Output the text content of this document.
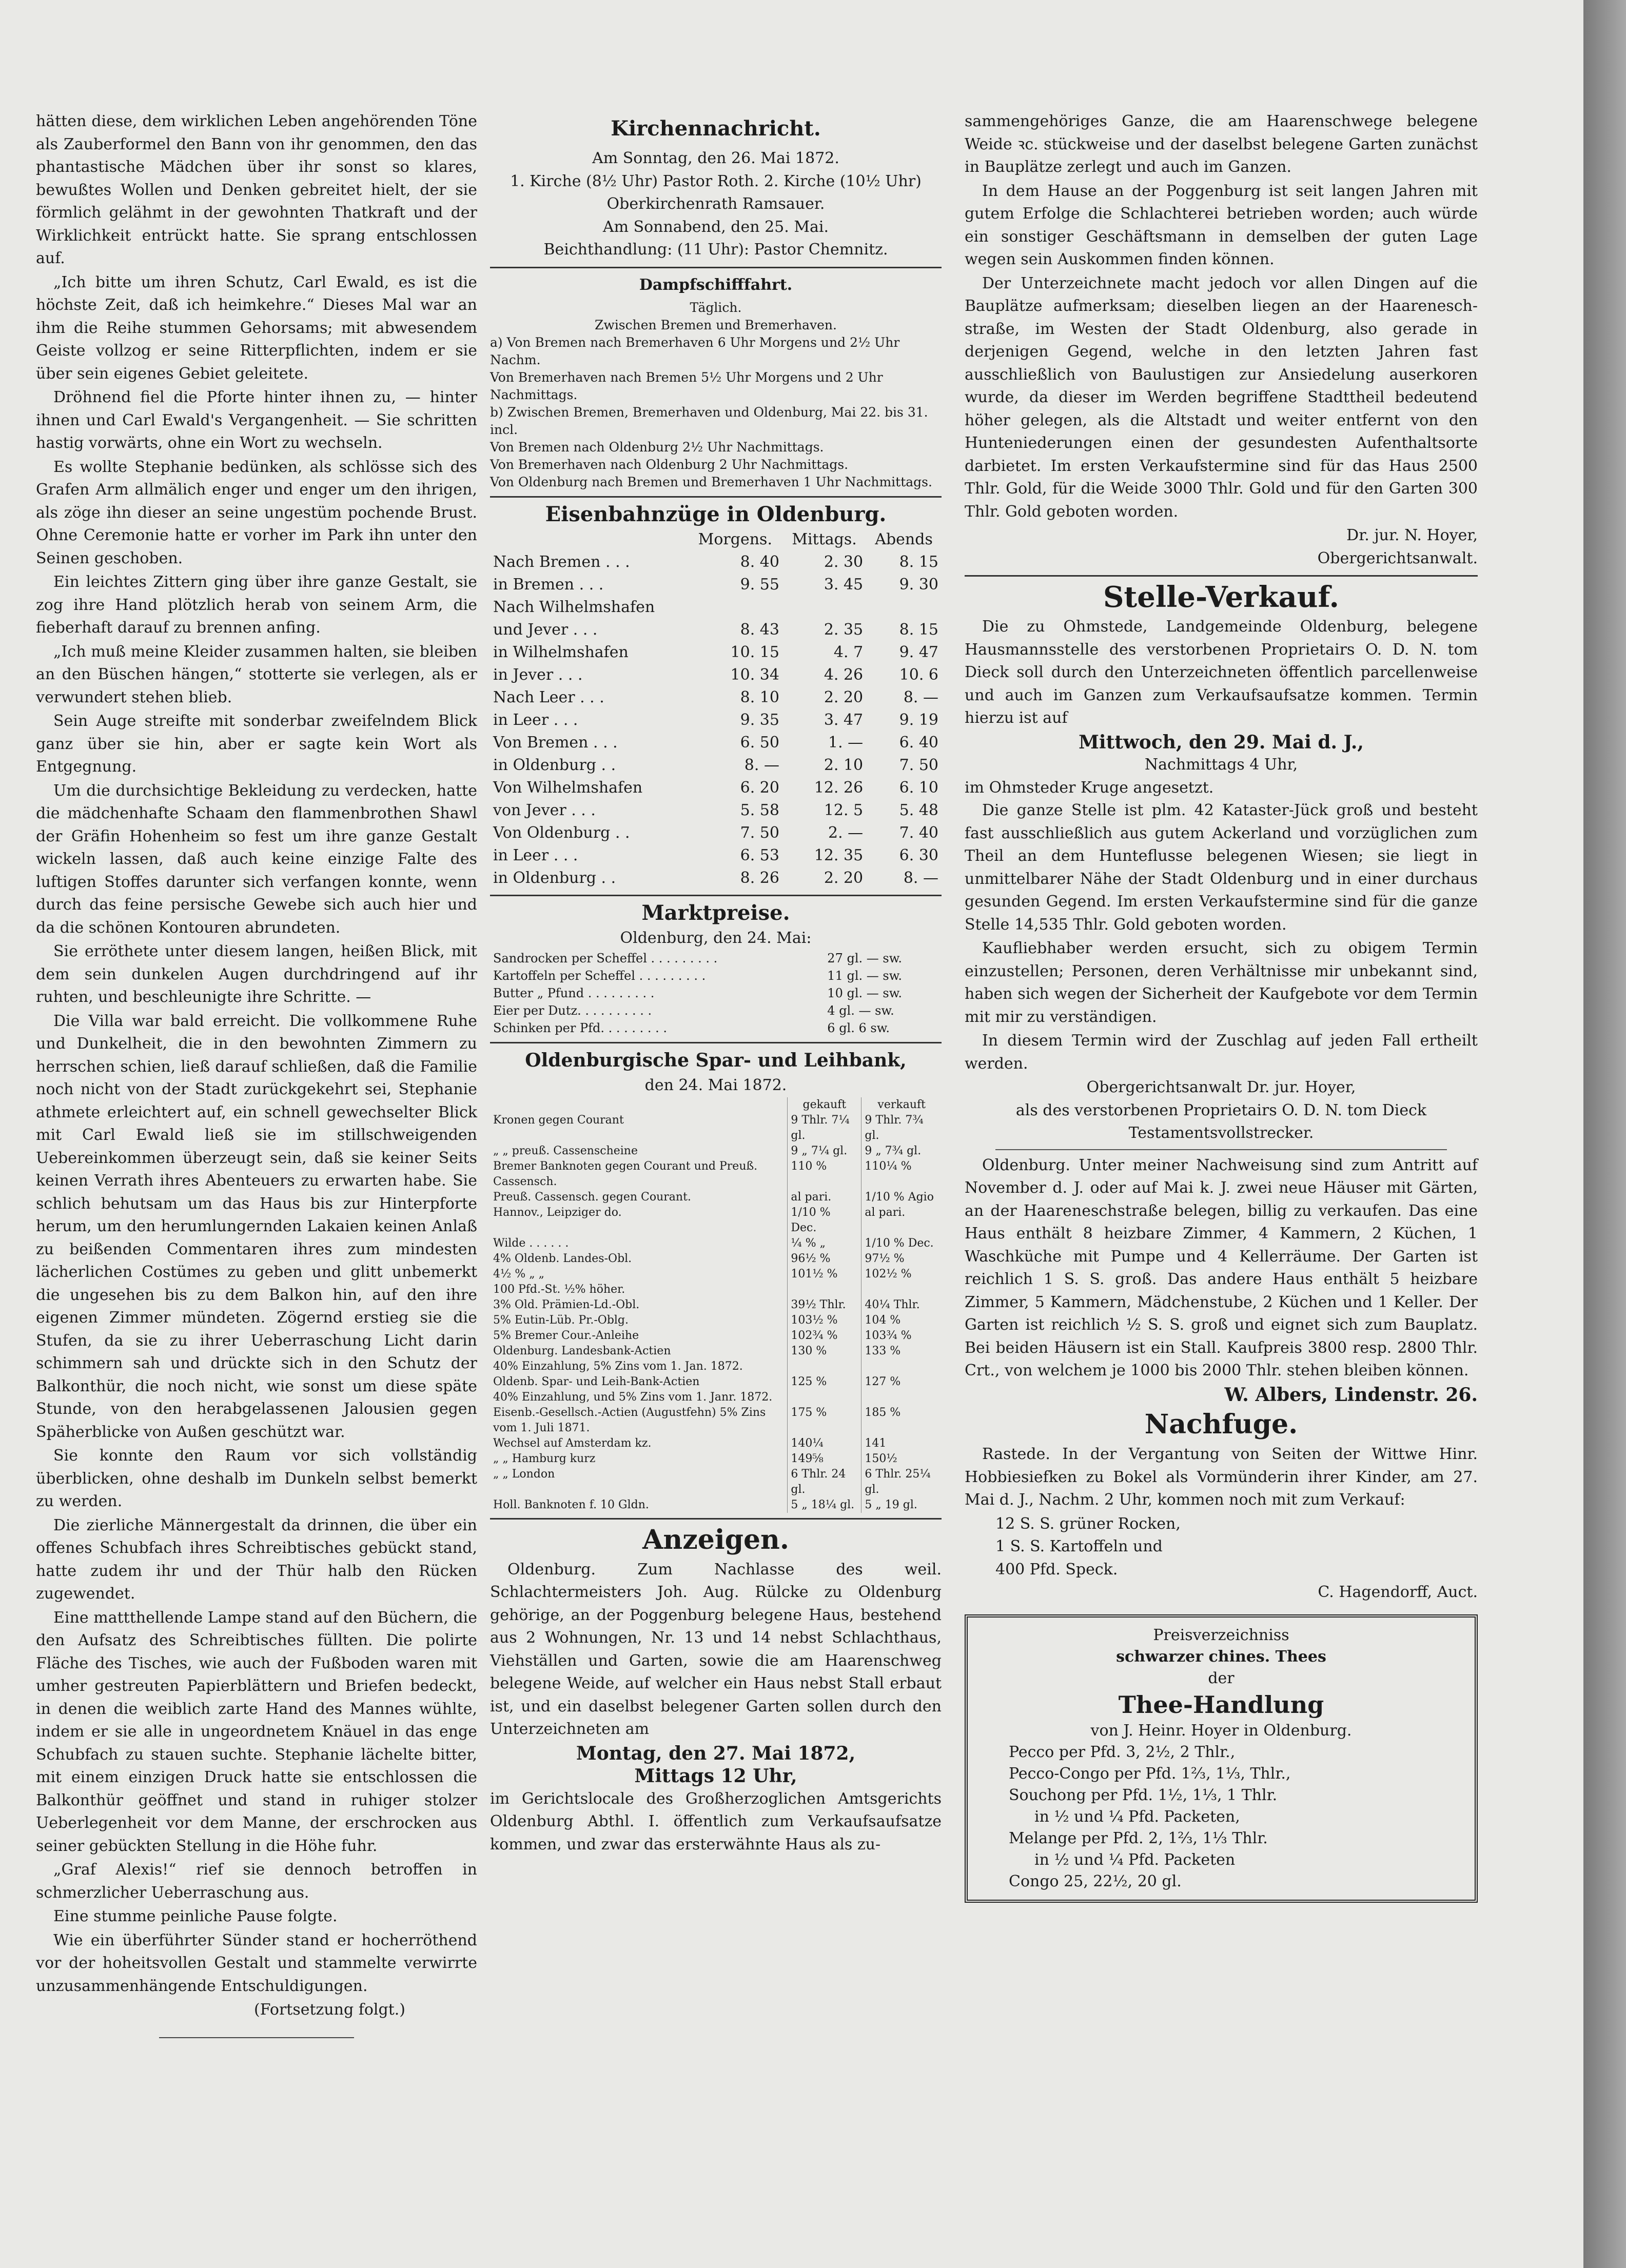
hätten diese, dem wirklichen Leben angehörenden Töne als Zauberformel den Bann von ihr genommen, den das phantastische Mädchen über ihr sonst so klares, bewußtes Wollen und Denken gebreitet hielt, der sie förmlich gelähmt in der gewohnten Thatkraft und der Wirklichkeit entrückt hatte. Sie sprang entschlossen auf.

„Ich bitte um ihren Schutz, Carl Ewald, es ist die höchste Zeit, daß ich heimkehre.“ Dieses Mal war an ihm die Reihe stummen Gehorsams; mit abwesendem Geiste vollzog er seine Ritterpflichten, indem er sie über sein eigenes Gebiet geleitete.

Dröhnend fiel die Pforte hinter ihnen zu, — hinter ihnen und Carl Ewald's Vergangenheit. — Sie schritten hastig vorwärts, ohne ein Wort zu wechseln.

Es wollte Stephanie bedünken, als schlösse sich des Grafen Arm allmälich enger und enger um den ihrigen, als zöge ihn dieser an seine ungestüm pochende Brust. Ohne Ceremonie hatte er vorher im Park ihn unter den Seinen geschoben.

Ein leichtes Zittern ging über ihre ganze Gestalt, sie zog ihre Hand plötzlich herab von seinem Arm, die fieberhaft darauf zu brennen anfing.

„Ich muß meine Kleider zusammen halten, sie bleiben an den Büschen hängen,“ stotterte sie verlegen, als er verwundert stehen blieb.

Sein Auge streifte mit sonderbar zweifelndem Blick ganz über sie hin, aber er sagte kein Wort als Entgegnung.

Um die durchsichtige Bekleidung zu verdecken, hatte die mädchenhafte Schaam den flammenbrothen Shawl der Gräfin Hohenheim so fest um ihre ganze Gestalt wickeln lassen, daß auch keine einzige Falte des luftigen Stoffes darunter sich verfangen konnte, wenn durch das feine persische Gewebe sich auch hier und da die schönen Kontouren abrundeten.

Sie erröthete unter diesem langen, heißen Blick, mit dem sein dunkelen Augen durchdringend auf ihr ruhten, und beschleunigte ihre Schritte. —

Die Villa war bald erreicht. Die vollkommene Ruhe und Dunkelheit, die in den bewohnten Zimmern zu herrschen schien, ließ darauf schließen, daß die Familie noch nicht von der Stadt zurückgekehrt sei, Stephanie athmete erleichtert auf, ein schnell gewechselter Blick mit Carl Ewald ließ sie im stillschweigenden Uebereinkommen überzeugt sein, daß sie keiner Seits keinen Verrath ihres Abenteuers zu erwarten habe. Sie schlich behutsam um das Haus bis zur Hinterpforte herum, um den herumlungernden Lakaien keinen Anlaß zu beißenden Commentaren ihres zum mindesten lächerlichen Costümes zu geben und glitt unbemerkt die ungesehen bis zu dem Balkon hin, auf den ihre eigenen Zimmer mündeten. Zögernd erstieg sie die Stufen, da sie zu ihrer Ueberraschung Licht darin schimmern sah und drückte sich in den Schutz der Balkonthür, die noch nicht, wie sonst um diese späte Stunde, von den herabgelassenen Jalousien gegen Späherblicke von Außen geschützt war.

Sie konnte den Raum vor sich vollständig überblicken, ohne deshalb im Dunkeln selbst bemerkt zu werden.

Die zierliche Männergestalt da drinnen, die über ein offenes Schubfach ihres Schreibtisches gebückt stand, hatte zudem ihr und der Thür halb den Rücken zugewendet.

Eine mattthellende Lampe stand auf den Büchern, die den Aufsatz des Schreibtisches füllten. Die polirte Fläche des Tisches, wie auch der Fußboden waren mit umher gestreuten Papierblättern und Briefen bedeckt, in denen die weiblich zarte Hand des Mannes wühlte, indem er sie alle in ungeordnetem Knäuel in das enge Schubfach zu stauen suchte. Stephanie lächelte bitter, mit einem einzigen Druck hatte sie entschlossen die Balkonthür geöffnet und stand in ruhiger stolzer Ueberlegenheit vor dem Manne, der erschrocken aus seiner gebückten Stellung in die Höhe fuhr.

„Graf Alexis!“ rief sie dennoch betroffen in schmerzlicher Ueberraschung aus.

Eine stumme peinliche Pause folgte.

Wie ein überführter Sünder stand er hocherröthend vor der hoheitsvollen Gestalt und stammelte verwirrte unzusammenhängende Entschuldigungen.

(Fortsetzung folgt.)
Kirchennachricht.
Am Sonntag, den 26. Mai 1872.
1. Kirche (8½ Uhr) Pastor Roth. 2. Kirche (10½ Uhr) Oberkirchenrath Ramsauer.
Am Sonnabend, den 25. Mai.
Beichthandlung: (11 Uhr): Pastor Chemnitz.
Dampfschifffahrt.
Täglich.
Zwischen Bremen und Bremerhaven.
a) Von Bremen nach Bremerhaven 6 Uhr Morgens und 2½ Uhr Nachm.
Von Bremerhaven nach Bremen 5½ Uhr Morgens und 2 Uhr Nachmittags.
b) Zwischen Bremen, Bremerhaven und Oldenburg, Mai 22. bis 31. incl.
Von Bremen nach Oldenburg 2½ Uhr Nachmittags.
Von Bremerhaven nach Oldenburg 2 Uhr Nachmittags.
Von Oldenburg nach Bremen und Bremerhaven 1 Uhr Nachmittags.
Eisenbahnzüge in Oldenburg.
	Morgens.	Mittags.	Abends
Nach Bremen . . .	8. 40	2. 30	8. 15
in Bremen . . .	9. 55	3. 45	9. 30
Nach Wilhelmshafen			
und Jever . . .	8. 43	2. 35	8. 15
in Wilhelmshafen	10. 15	4. 7	9. 47
in Jever . . .	10. 34	4. 26	10. 6
Nach Leer . . .	8. 10	2. 20	8. —
in Leer . . .	9. 35	3. 47	9. 19
Von Bremen . . .	6. 50	1. —	6. 40
in Oldenburg . .	8. —	2. 10	7. 50
Von Wilhelmshafen	6. 20	12. 26	6. 10
von Jever . . .	5. 58	12. 5	5. 48
Von Oldenburg . .	7. 50	2. —	7. 40
in Leer . . .	6. 53	12. 35	6. 30
in Oldenburg . .	8. 26	2. 20	8. —
Marktpreise.
Oldenburg, den 24. Mai:
Sandrocken per Scheffel . . . . . . . . .	27 gl. — sw.
Kartoffeln per Scheffel . . . . . . . . .	11 gl. — sw.
Butter „ Pfund . . . . . . . . .	10 gl. — sw.
Eier per Dutz. . . . . . . . . .	4 gl. — sw.
Schinken per Pfd. . . . . . . . .	6 gl. 6 sw.
Oldenburgische Spar- und Leihbank,
den 24. Mai 1872.
	gekauft	verkauft
Kronen gegen Courant	9 Thlr. 7¼ gl.	9 Thlr. 7¾ gl.
„ „ preuß. Cassenscheine	9 „ 7¼ gl.	9 „ 7¾ gl.
Bremer Banknoten gegen Courant und Preuß. Cassensch.	110 %	110¼ %
Preuß. Cassensch. gegen Courant.	al pari.	1/10 % Agio
Hannov., Leipziger do.	1/10 % Dec.	al pari.
Wilde . . . . . .	¼ % „	1/10 % Dec.
4% Oldenb. Landes-Obl.	96½ %	97½ %
4½ % „ „	101½ %	102½ %
100 Pfd.-St. ½% höher.		
3% Old. Prämien-Ld.-Obl.	39½ Thlr.	40¼ Thlr.
5% Eutin-Lüb. Pr.-Oblg.	103½ %	104 %
5% Bremer Cour.-Anleihe	102¾ %	103¾ %
Oldenburg. Landesbank-Actien	130 %	133 %
40% Einzahlung, 5% Zins vom 1. Jan. 1872.		
Oldenb. Spar- und Leih-Bank-Actien	125 %	127 %
40% Einzahlung, und 5% Zins vom 1. Janr. 1872.		
Eisenb.-Gesellsch.-Actien (Augustfehn) 5% Zins vom 1. Juli 1871.	175 %	185 %
Wechsel auf Amsterdam kz.	140¼	141
„ „ Hamburg kurz	149⅝	150½
„ „ London	6 Thlr. 24 gl.	6 Thlr. 25¼ gl.
Holl. Banknoten f. 10 Gldn.	5 „ 18¼ gl.	5 „ 19 gl.
Anzeigen.

Oldenburg. Zum Nachlasse des weil. Schlachtermeisters Joh. Aug. Rülcke zu Oldenburg gehörige, an der Poggenburg belegene Haus, bestehend aus 2 Wohnungen, Nr. 13 und 14 nebst Schlachthaus, Viehställen und Garten, sowie die am Haarenschweg belegene Weide, auf welcher ein Haus nebst Stall erbaut ist, und ein daselbst belegener Garten sollen durch den Unterzeichneten am

Montag, den 27. Mai 1872,
Mittags 12 Uhr,

im Gerichtslocale des Großherzoglichen Amtsgerichts Oldenburg Abthl. I. öffentlich zum Verkaufsaufsatze kommen, und zwar das ersterwähnte Haus als zu-

sammengehöriges Ganze, die am Haarenschwege belegene Weide ꝛc. stückweise und der daselbst belegene Garten zunächst in Bauplätze zerlegt und auch im Ganzen.

In dem Hause an der Poggenburg ist seit langen Jahren mit gutem Erfolge die Schlachterei betrieben worden; auch würde ein sonstiger Geschäftsmann in demselben der guten Lage wegen sein Auskommen finden können.

Der Unterzeichnete macht jedoch vor allen Dingen auf die Bauplätze aufmerksam; dieselben liegen an der Haareneschstraße, im Westen der Stadt Oldenburg, also gerade in derjenigen Gegend, welche in den letzten Jahren fast ausschließlich von Baulustigen zur Ansiedelung auserkoren wurde, da dieser im Werden begriffene Stadttheil bedeutend höher gelegen, als die Altstadt und weiter entfernt von den Hunteniederungen einen der gesundesten Aufenthaltsorte darbietet. Im ersten Verkaufstermine sind für das Haus 2500 Thlr. Gold, für die Weide 3000 Thlr. Gold und für den Garten 300 Thlr. Gold geboten worden.

Dr. jur. N. Hoyer,
Obergerichtsanwalt.
Stelle-Verkauf.

Die zu Ohmstede, Landgemeinde Oldenburg, belegene Hausmannsstelle des verstorbenen Proprietairs O. D. N. tom Dieck soll durch den Unterzeichneten öffentlich parcellenweise und auch im Ganzen zum Verkaufsaufsatze kommen. Termin hierzu ist auf

Mittwoch, den 29. Mai d. J.,
Nachmittags 4 Uhr,
im Ohmsteder Kruge angesetzt.

Die ganze Stelle ist plm. 42 Kataster-Jück groß und besteht fast ausschließlich aus gutem Ackerland und vorzüglichen zum Theil an dem Hunteflusse belegenen Wiesen; sie liegt in unmittelbarer Nähe der Stadt Oldenburg und in einer durchaus gesunden Gegend. Im ersten Verkaufstermine sind für die ganze Stelle 14,535 Thlr. Gold geboten worden.

Kaufliebhaber werden ersucht, sich zu obigem Termin einzustellen; Personen, deren Verhältnisse mir unbekannt sind, haben sich wegen der Sicherheit der Kaufgebote vor dem Termin mit mir zu verständigen.

In diesem Termin wird der Zuschlag auf jeden Fall ertheilt werden.

Obergerichtsanwalt Dr. jur. Hoyer,
als des verstorbenen Proprietairs O. D. N. tom Dieck Testamentsvollstrecker.

Oldenburg. Unter meiner Nachweisung sind zum Antritt auf November d. J. oder auf Mai k. J. zwei neue Häuser mit Gärten, an der Haareneschstraße belegen, billig zu verkaufen. Das eine Haus enthält 8 heizbare Zimmer, 4 Kammern, 2 Küchen, 1 Waschküche mit Pumpe und 4 Kellerräume. Der Garten ist reichlich 1 S. S. groß. Das andere Haus enthält 5 heizbare Zimmer, 5 Kammern, Mädchenstube, 2 Küchen und 1 Keller. Der Garten ist reichlich ½ S. S. groß und eignet sich zum Bauplatz. Bei beiden Häusern ist ein Stall. Kaufpreis 3800 resp. 2800 Thlr. Crt., von welchem je 1000 bis 2000 Thlr. stehen bleiben können.

W. Albers, Lindenstr. 26.
Nachfuge.

Rastede. In der Vergantung von Seiten der Wittwe Hinr. Hobbiesiefken zu Bokel als Vormünderin ihrer Kinder, am 27. Mai d. J., Nachm. 2 Uhr, kommen noch mit zum Verkauf:

12 S. S. grüner Rocken,
1 S. S. Kartoffeln und
400 Pfd. Speck.
C. Hagendorff, Auct.
Preisverzeichniss
schwarzer chines. Thees
der
Thee-Handlung
von J. Heinr. Hoyer in Oldenburg.
Pecco per Pfd. 3, 2½, 2 Thlr.,
Pecco-Congo per Pfd. 1⅔, 1⅓, Thlr.,
Souchong per Pfd. 1½, 1⅓, 1 Thlr.
in ½ und ¼ Pfd. Packeten,
Melange per Pfd. 2, 1⅔, 1⅓ Thlr.
in ½ und ¼ Pfd. Packeten
Congo 25, 22½, 20 gl.
